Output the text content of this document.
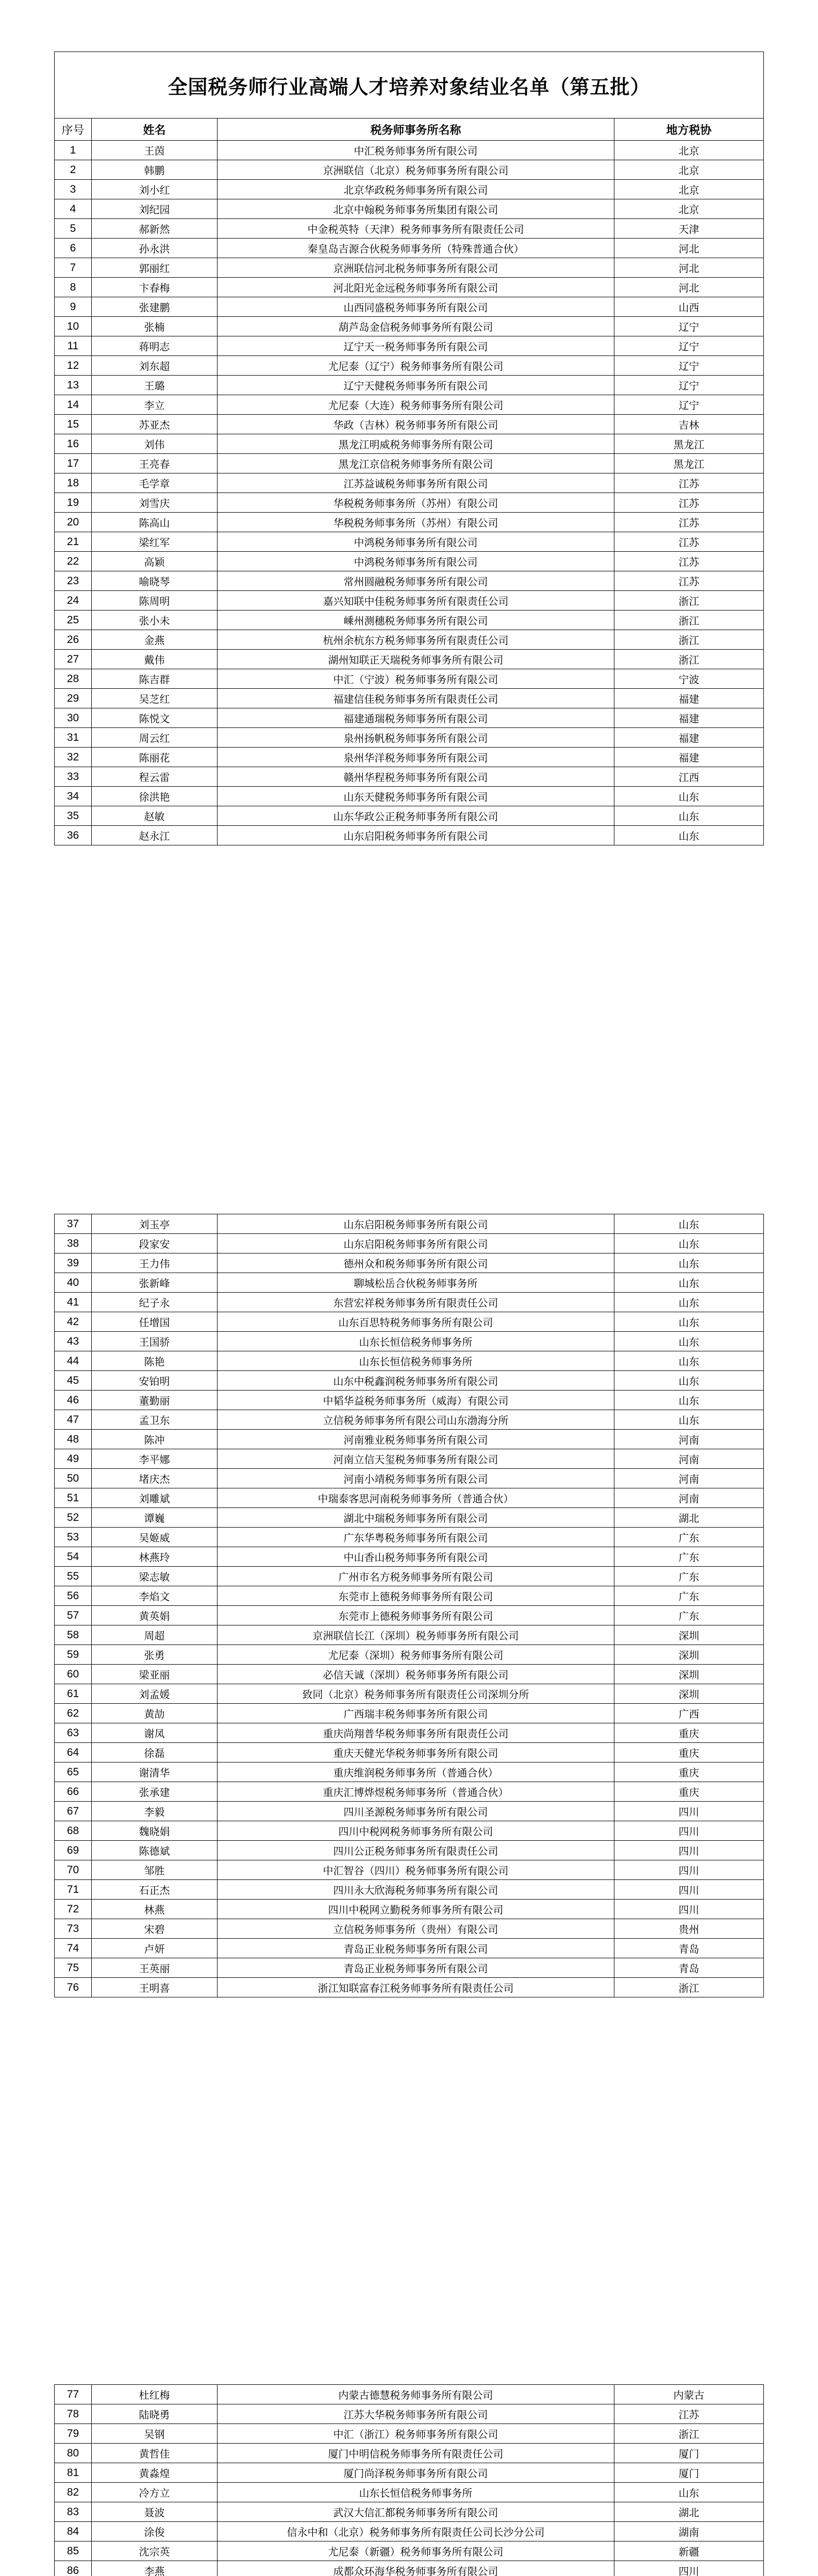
全国税务师行业高端人才培养对象结业名单（第五批）			
序号	姓名	税务师事务所名称	地方税协
1	王茵	中汇税务师事务所有限公司	北京
2	韩鹏	京洲联信（北京）税务师事务所有限公司	北京
3	刘小红	北京华政税务师事务所有限公司	北京
4	刘纪园	北京中翰税务师事务所集团有限公司	北京
5	郝新然	中金税英特（天津）税务师事务所有限责任公司	天津
6	孙永洪	秦皇岛吉源合伙税务师事务所（特殊普通合伙）	河北
7	郭丽红	京洲联信河北税务师事务所有限公司	河北
8	卞春梅	河北阳光金远税务师事务所有限公司	河北
9	张建鹏	山西同盛税务师事务所有限公司	山西
10	张楠	葫芦岛金信税务师事务所有限公司	辽宁
11	蒋明志	辽宁天一税务师事务所有限公司	辽宁
12	刘东超	尤尼泰（辽宁）税务师事务所有限公司	辽宁
13	王璐	辽宁天健税务师事务所有限公司	辽宁
14	李立	尤尼泰（大连）税务师事务所有限公司	辽宁
15	苏亚杰	华政（吉林）税务师事务所有限公司	吉林
16	刘伟	黑龙江明威税务师事务所有限公司	黑龙江
17	王亮春	黑龙江京信税务师事务所有限公司	黑龙江
18	毛学章	江苏益诚税务师事务所有限公司	江苏
19	刘雪庆	华税税务师事务所（苏州）有限公司	江苏
20	陈高山	华税税务师事务所（苏州）有限公司	江苏
21	梁红军	中鸿税务师事务所有限公司	江苏
22	高颖	中鸿税务师事务所有限公司	江苏
23	喻晓琴	常州圆融税务师事务所有限公司	江苏
24	陈周明	嘉兴知联中佳税务师事务所有限责任公司	浙江
25	张小未	嵊州测穗税务师事务所有限公司	浙江
26	金燕	杭州余杭东方税务师事务所有限责任公司	浙江
27	戴伟	湖州知联正天瑞税务师事务所有限公司	浙江
28	陈吉群	中汇（宁波）税务师事务所有限公司	宁波
29	吴芝红	福建信佳税务师事务所有限责任公司	福建
30	陈悦文	福建通瑞税务师事务所有限公司	福建
31	周云红	泉州扬帆税务师事务所有限公司	福建
32	陈丽花	泉州华洋税务师事务所有限公司	福建
33	程云雷	赣州华程税务师事务所有限公司	江西
34	徐洪艳	山东天健税务师事务所有限公司	山东
35	赵敏	山东华政公正税务师事务所有限公司	山东
36	赵永江	山东启阳税务师事务所有限公司	山东
37	刘玉亭	山东启阳税务师事务所有限公司	山东
38	段家安	山东启阳税务师事务所有限公司	山东
39	王力伟	德州众和税务师事务所有限公司	山东
40	张新峰	聊城松岳合伙税务师事务所	山东
41	纪子永	东营宏祥税务师事务所有限责任公司	山东
42	任增国	山东百思特税务师事务所有限公司	山东
43	王国骄	山东长恒信税务师事务所	山东
44	陈艳	山东长恒信税务师事务所	山东
45	安铂明	山东中税鑫润税务师事务所有限公司	山东
46	董勤丽	中韬华益税务师事务所（威海）有限公司	山东
47	孟卫东	立信税务师事务所有限公司山东渤海分所	山东
48	陈冲	河南雅业税务师事务所有限公司	河南
49	李平娜	河南立信天玺税务师事务所有限公司	河南
50	堵庆杰	河南小靖税务师事务所有限公司	河南
51	刘雕斌	中瑞泰客思河南税务师事务所（普通合伙）	河南
52	谭巍	湖北中瑞税务师事务所有限公司	湖北
53	吴姬威	广东华粤税务师事务所有限公司	广东
54	林燕玲	中山香山税务师事务所有限公司	广东
55	梁志敏	广州市名方税务师事务所有限公司	广东
56	李焰文	东莞市上德税务师事务所有限公司	广东
57	黄英娟	东莞市上德税务师事务所有限公司	广东
58	周超	京洲联信长江（深圳）税务师事务所有限公司	深圳
59	张勇	尤尼泰（深圳）税务师事务所有限公司	深圳
60	梁亚丽	必信天诚（深圳）税务师事务所有限公司	深圳
61	刘孟媛	致同（北京）税务师事务所有限责任公司深圳分所	深圳
62	黄劼	广西瑞丰税务师事务所有限公司	广西
63	谢凤	重庆尚翔普华税务师事务所有限责任公司	重庆
64	徐磊	重庆天健光华税务师事务所有限公司	重庆
65	谢清华	重庆维润税务师事务所（普通合伙）	重庆
66	张承建	重庆汇博烨煜税务师事务所（普通合伙）	重庆
67	李毅	四川圣源税务师事务所有限公司	四川
68	魏晓娟	四川中税网税务师事务所有限公司	四川
69	陈德斌	四川公正税务师事务所有限责任公司	四川
70	邹胜	中汇智谷（四川）税务师事务所有限公司	四川
71	石正杰	四川永大欣海税务师事务所有限公司	四川
72	林燕	四川中税网立勤税务师事务所有限公司	四川
73	宋碧	立信税务师事务所（贵州）有限公司	贵州
74	卢妍	青岛正业税务师事务所有限公司	青岛
75	王英丽	青岛正业税务师事务所有限公司	青岛
76	王明喜	浙江知联富春江税务师事务所有限责任公司	浙江
77	杜红梅	内蒙古德慧税务师事务所有限公司	内蒙古
78	陆晓勇	江苏大华税务师事务所有限公司	江苏
79	吴钢	中汇（浙江）税务师事务所有限公司	浙江
80	黄哲佳	厦门中明信税务师事务所有限责任公司	厦门
81	黄淼煌	厦门尚泽税务师事务所有限公司	厦门
82	冷方立	山东长恒信税务师事务所	山东
83	聂波	武汉大信汇都税务师事务所有限公司	湖北
84	涂俊	信永中和（北京）税务师事务所有限责任公司长沙分公司	湖南
85	沈宗英	尤尼泰（新疆）税务师事务所有限公司	新疆
86	李燕	成都众环海华税务师事务所有限公司	四川
